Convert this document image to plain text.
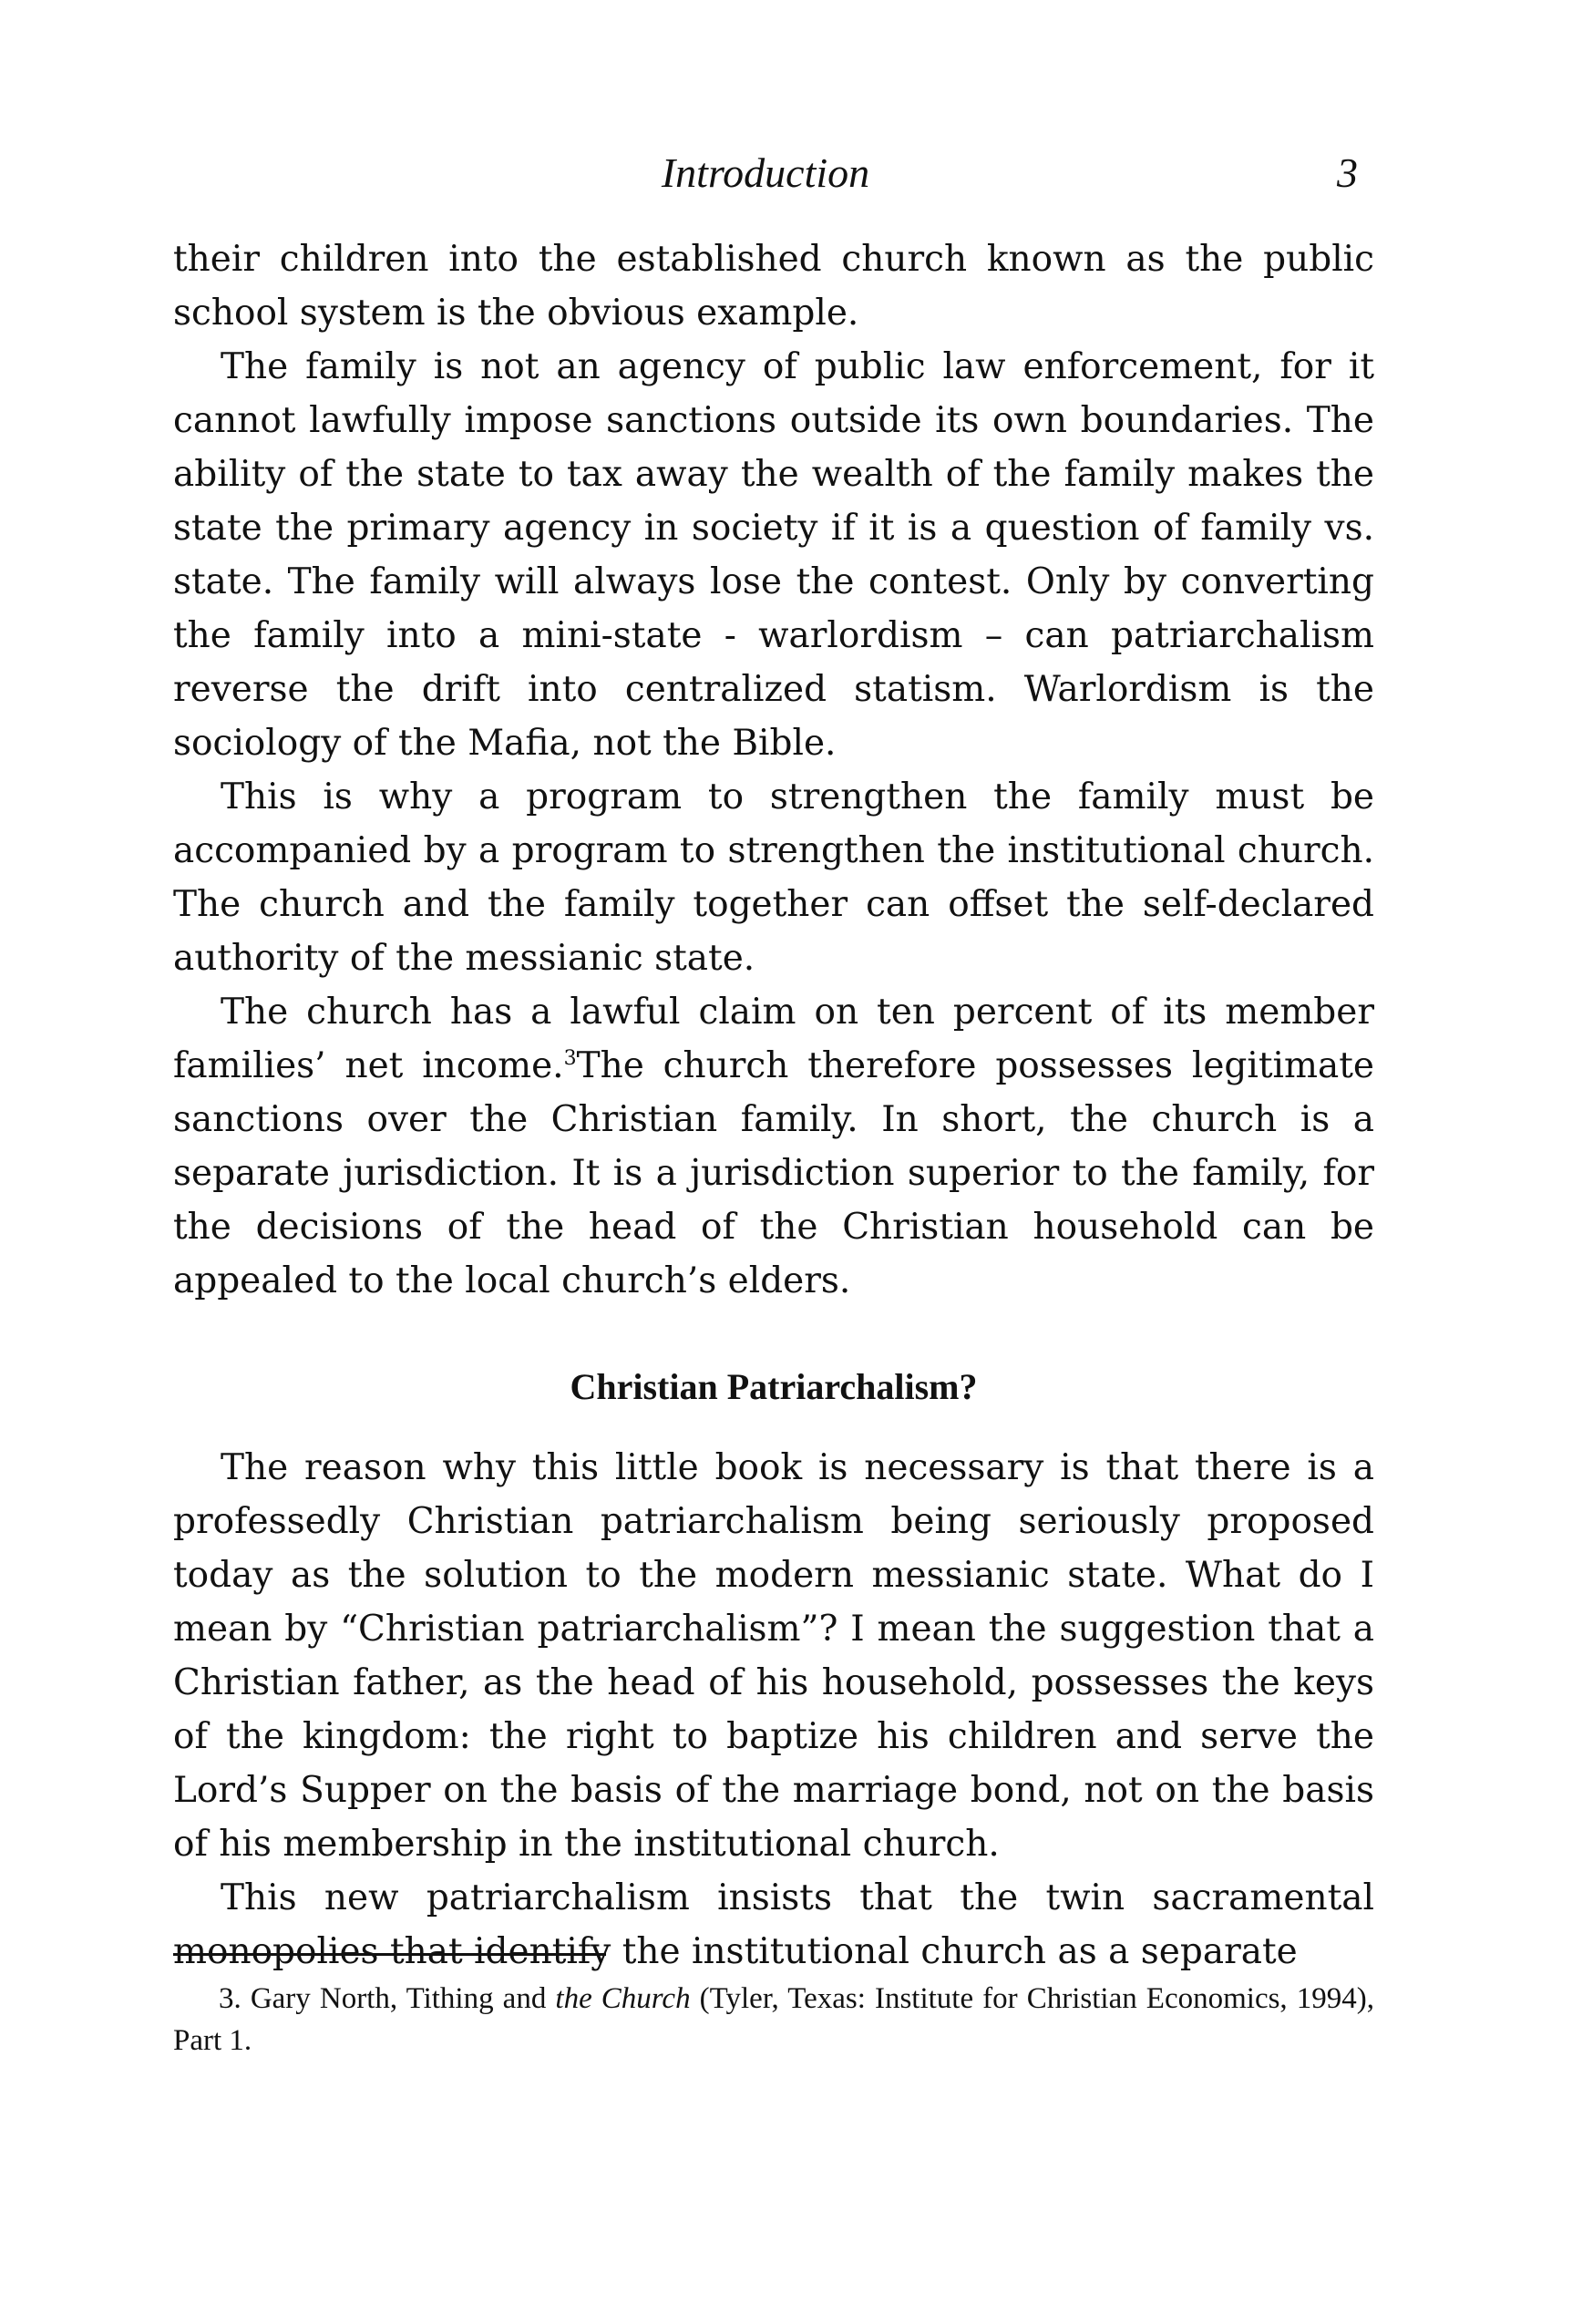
Introduction	3

their children into the established church known as the public school system is the obvious example.

The family is not an agency of public law enforcement, for it cannot lawfully impose sanctions outside its own boundaries. The ability of the state to tax away the wealth of the family makes the state the primary agency in society if it is a question of family vs. state. The family will always lose the contest. Only by converting the family into a mini-state - warlordism – can patriarchalism reverse the drift into centralized statism. Warlordism is the sociology of the Mafia, not the Bible.

This is why a program to strengthen the family must be accompanied by a program to strengthen the institutional church. The church and the family together can offset the self-declared authority of the messianic state.

The church has a lawful claim on ten percent of its member families’ net income.$^3$The church therefore possesses legitimate sanctions over the Christian family. In short, the church is a separate jurisdiction. It is a jurisdiction superior to the family, for the decisions of the head of the Christian household can be appealed to the local church’s elders.

Christian Patriarchalism?

The reason why this little book is necessary is that there is a professedly Christian patriarchalism being seriously proposed today as the solution to the modern messianic state. What do I mean by “Christian patriarchalism”? I mean the suggestion that a Christian father, as the head of his household, possesses the keys of the kingdom: the right to baptize his children and serve the Lord’s Supper on the basis of the marriage bond, not on the basis of his membership in the institutional church.

This new patriarchalism insists that the twin sacramental monopolies that identify the institutional church as a separate

3. Gary North, Tithing and the Church (Tyler, Texas: Institute for Christian Economics, 1994), Part 1.
